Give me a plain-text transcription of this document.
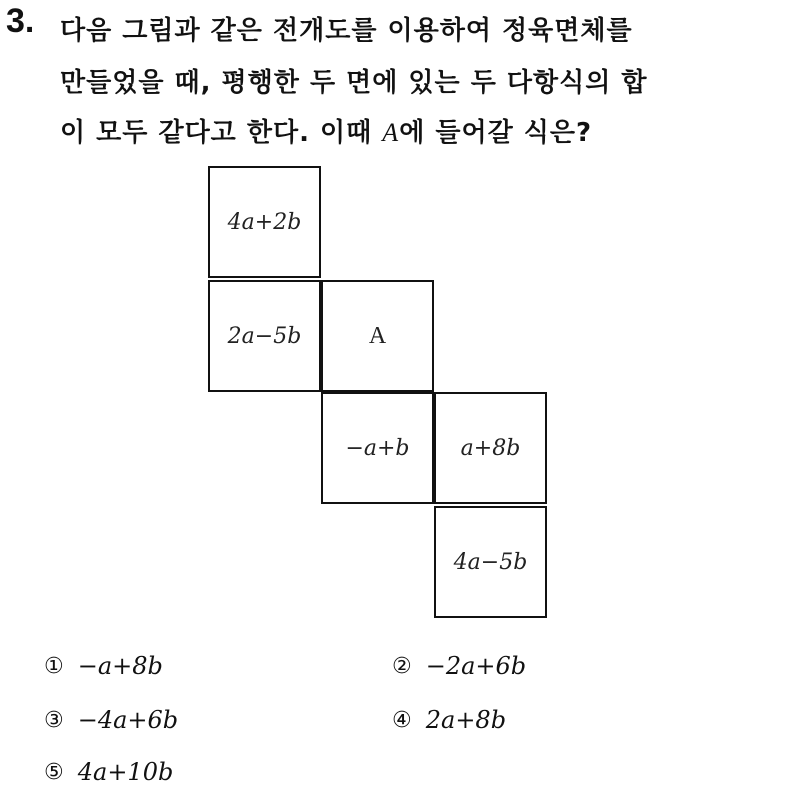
3. 다음 그림과 같은 전개도를 이용하여 정육면체를
만들었을 때, 평행한 두 면에 있는 두 다항식의 합
이 모두 같다고 한다. 이때 A에 들어갈 식은?
4a+2b
2a−5b	A
−a+b a+8b
4a−5b
① −a+8b	② −2a+6b
③ −4a+6b	④ 2a+8b
⑤ 4a+10b
